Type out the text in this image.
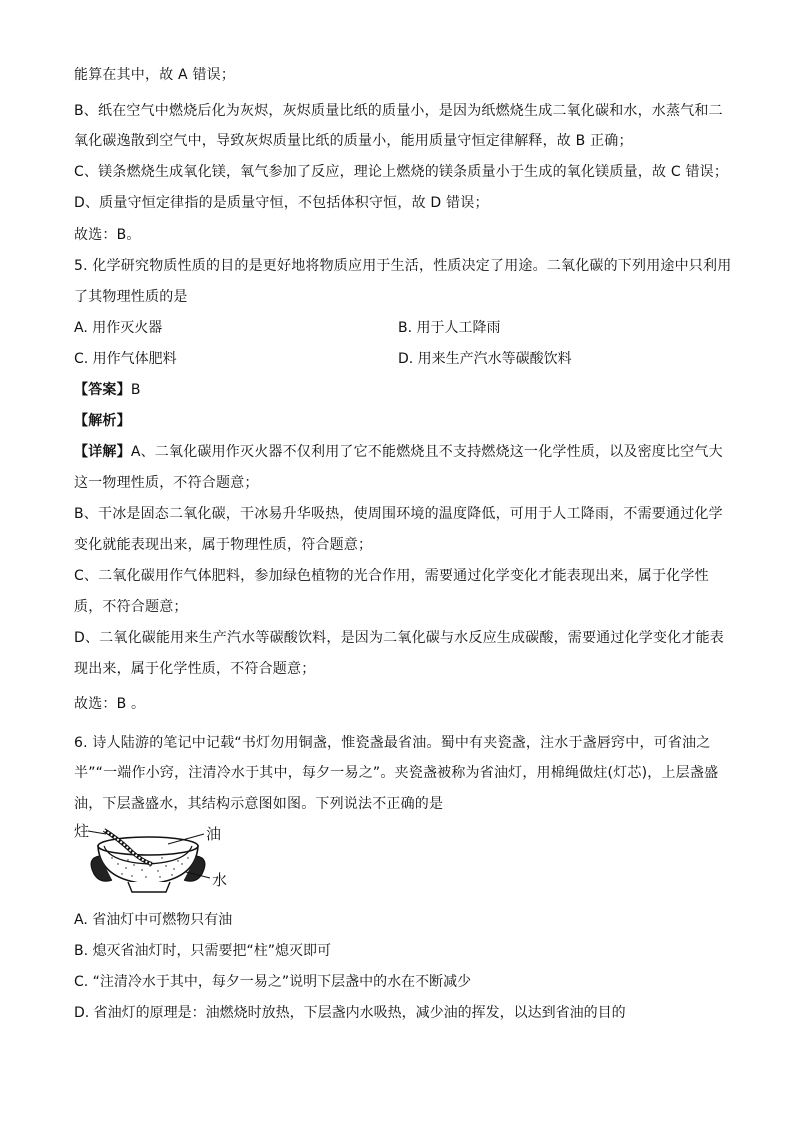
能算在其中，故 A 错误；
B、纸在空气中燃烧后化为灰烬，灰烬质量比纸的质量小，是因为纸燃烧生成二氧化碳和水，水蒸气和二
氧化碳逸散到空气中，导致灰烬质量比纸的质量小，能用质量守恒定律解释，故 B 正确；
C、镁条燃烧生成氧化镁，氧气参加了反应，理论上燃烧的镁条质量小于生成的氧化镁质量，故 C 错误；
D、质量守恒定律指的是质量守恒，不包括体积守恒，故 D 错误；
故选：B。
5. 化学研究物质性质的目的是更好地将物质应用于生活，性质决定了用途。二氧化碳的下列用途中只利用
了其物理性质的是
A. 用作灭火器	B. 用于人工降雨
C. 用作气体肥料	D. 用来生产汽水等碳酸饮料
【答案】B
【解析】
【详解】A、二氧化碳用作灭火器不仅利用了它不能燃烧且不支持燃烧这一化学性质，以及密度比空气大
这一物理性质，不符合题意；
B、干冰是固态二氧化碳，干冰易升华吸热，使周围环境的温度降低，可用于人工降雨，不需要通过化学
变化就能表现出来，属于物理性质，符合题意；
C、二氧化碳用作气体肥料，参加绿色植物的光合作用，需要通过化学变化才能表现出来，属于化学性
质，不符合题意；
D、二氧化碳能用来生产汽水等碳酸饮料，是因为二氧化碳与水反应生成碳酸，需要通过化学变化才能表
现出来，属于化学性质，不符合题意；
故选：B 。
6. 诗人陆游的笔记中记载“书灯勿用铜盏，惟瓷盏最省油。蜀中有夹瓷盏，注水于盏唇窍中，可省油之
半”“一端作小窍，注清冷水于其中，每夕一易之”。夹瓷盏被称为省油灯，用棉绳做炷(灯芯)，上层盏盛
油，下层盏盛水，其结构示意图如图。下列说法不正确的是
炷	油
水
A. 省油灯中可燃物只有油
B. 熄灭省油灯时，只需要把“柱”熄灭即可
C. “注清冷水于其中，每夕一易之”说明下层盏中的水在不断减少
D. 省油灯的原理是：油燃烧时放热，下层盏内水吸热，减少油的挥发，以达到省油的目的
